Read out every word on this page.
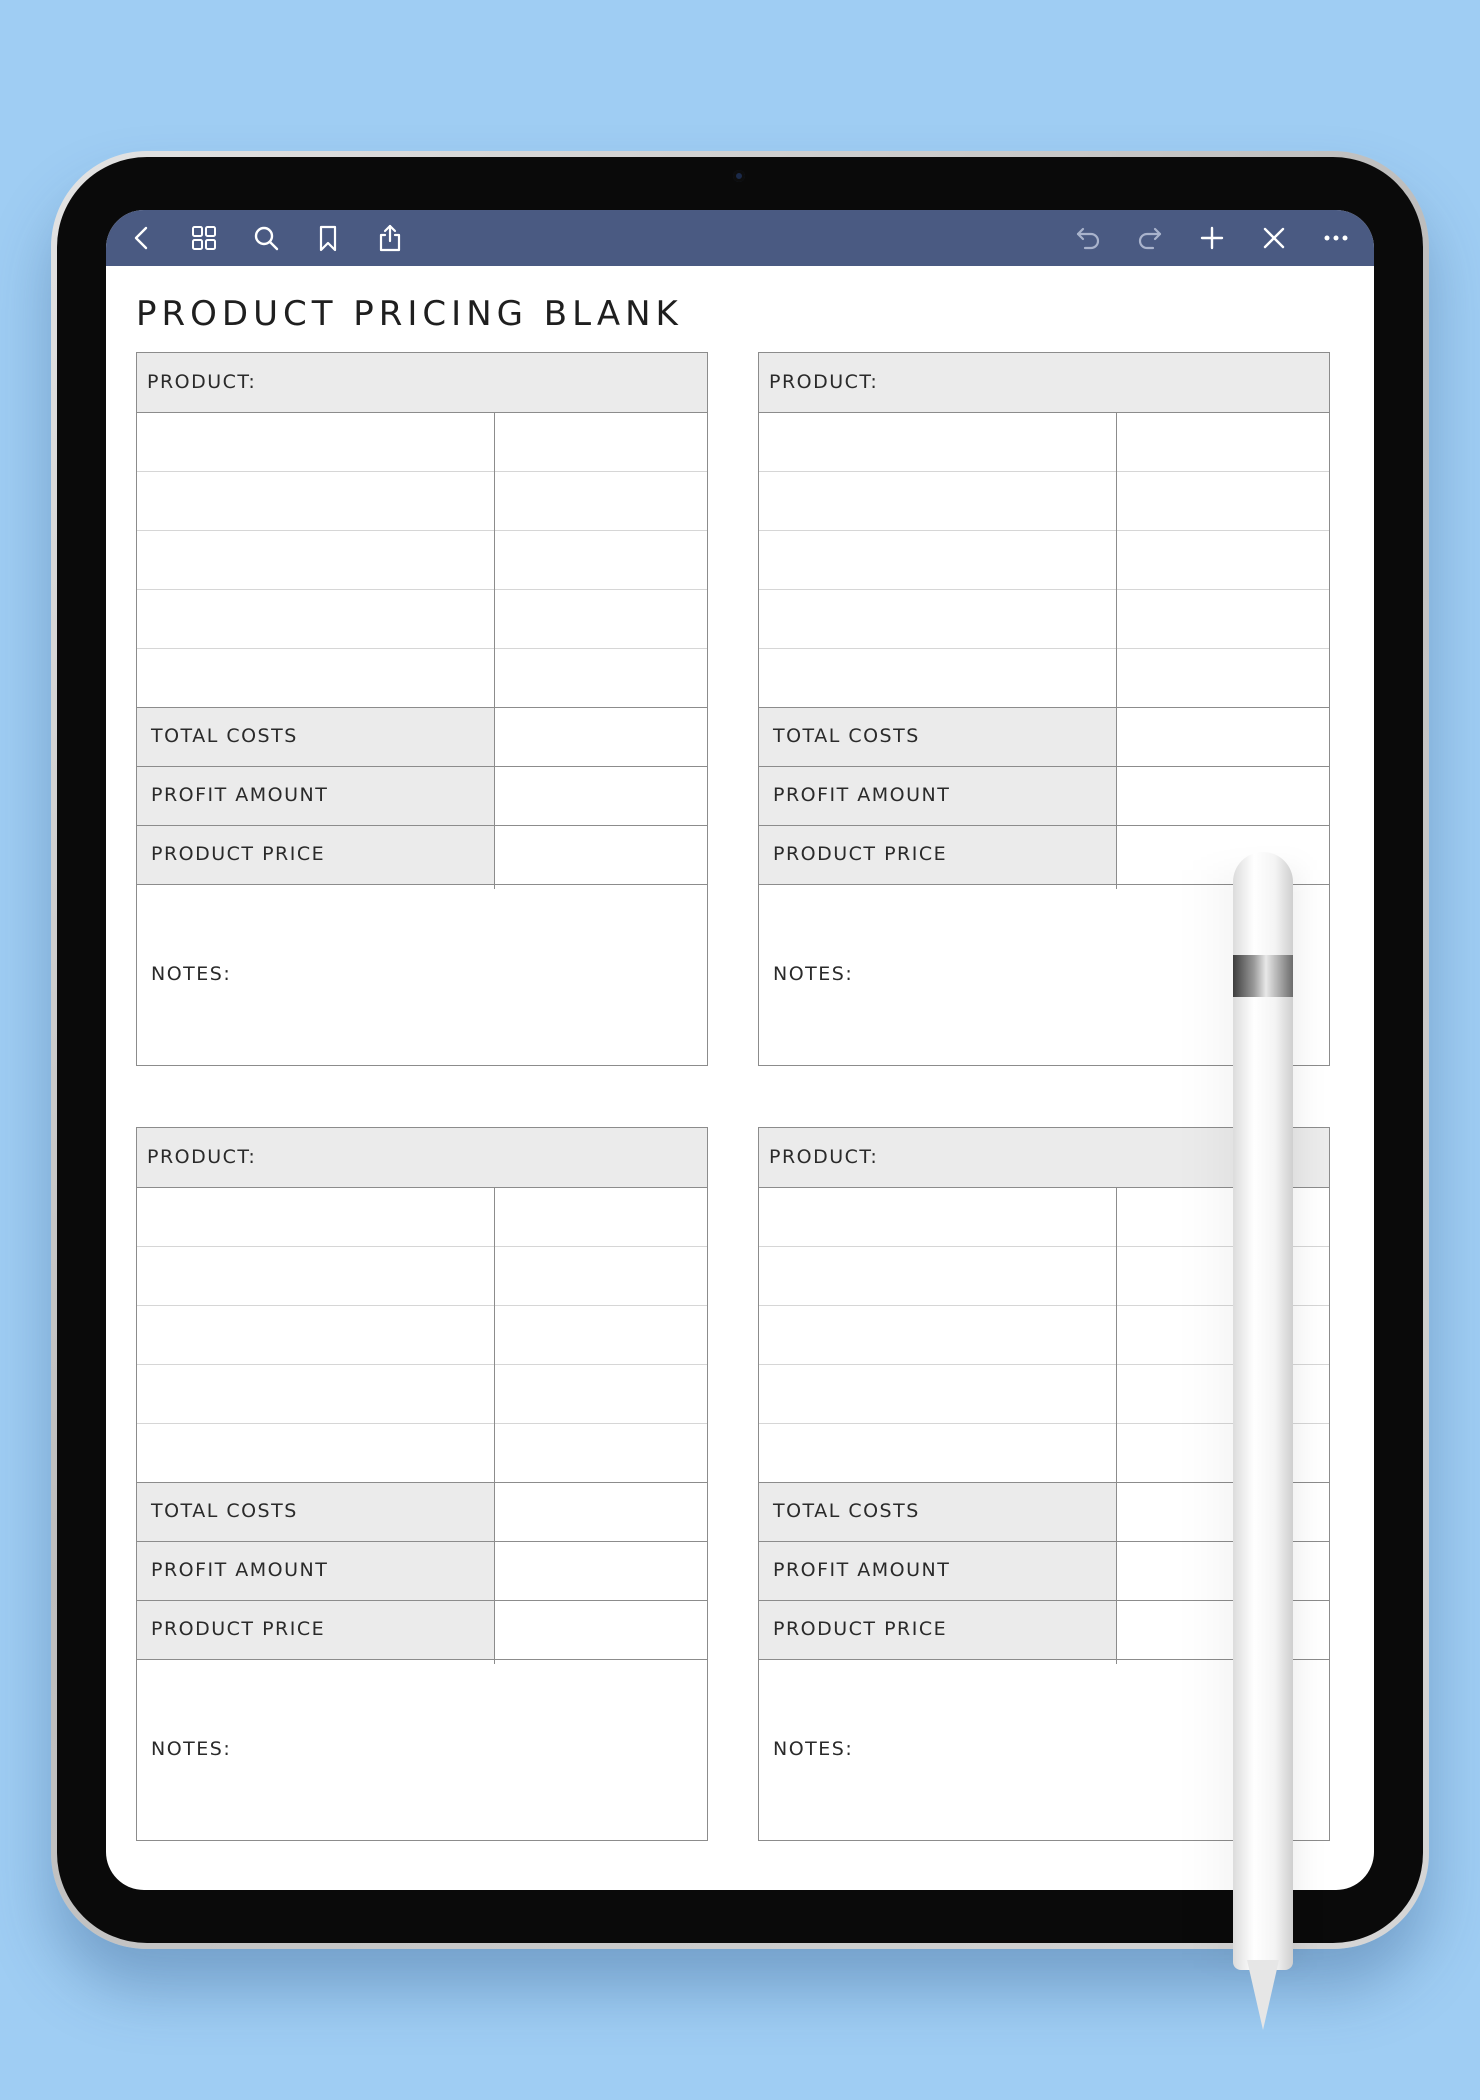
PRODUCT PRICING BLANK
PRODUCT:
TOTAL COSTS
PROFIT AMOUNT
PRODUCT PRICE
NOTES:
PRODUCT:
TOTAL COSTS
PROFIT AMOUNT
PRODUCT PRICE
NOTES:
PRODUCT:
TOTAL COSTS
PROFIT AMOUNT
PRODUCT PRICE
NOTES:
PRODUCT:
TOTAL COSTS
PROFIT AMOUNT
PRODUCT PRICE
NOTES:
